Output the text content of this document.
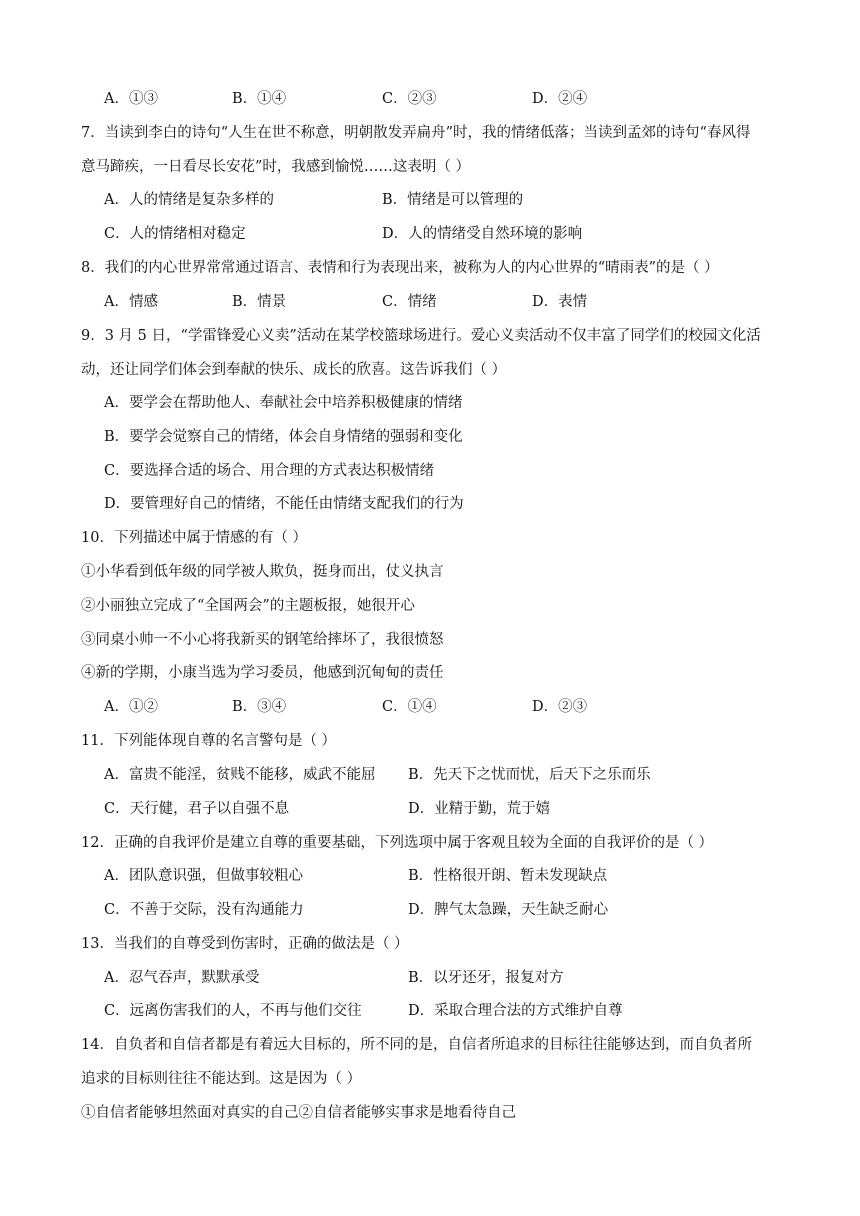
A．①③	B．①④	C．②③	D．②④
7．当读到李白的诗句“人生在世不称意，明朝散发弄扁舟”时，我的情绪低落；当读到孟郊的诗句“春风得
意马蹄疾，一日看尽长安花”时，我感到愉悦……这表明（ ）
A．人的情绪是复杂多样的	B．情绪是可以管理的
C．人的情绪相对稳定	D．人的情绪受自然环境的影响
8．我们的内心世界常常通过语言、表情和行为表现出来，被称为人的内心世界的“晴雨表”的是（ ）
A．情感	B．情景	C．情绪	D．表情
9．3 月 5 日，“学雷锋爱心义卖”活动在某学校篮球场进行。爱心义卖活动不仅丰富了同学们的校园文化活
动，还让同学们体会到奉献的快乐、成长的欣喜。这告诉我们（ ）
A．要学会在帮助他人、奉献社会中培养积极健康的情绪
B．要学会觉察自己的情绪，体会自身情绪的强弱和变化
C．要选择合适的场合、用合理的方式表达积极情绪
D．要管理好自己的情绪，不能任由情绪支配我们的行为
10．下列描述中属于情感的有（ ）
①小华看到低年级的同学被人欺负，挺身而出，仗义执言
②小丽独立完成了“全国两会”的主题板报，她很开心
③同桌小帅一不小心将我新买的钢笔给摔坏了，我很愤怒
④新的学期，小康当选为学习委员，他感到沉甸甸的责任
A．①②	B．③④	C．①④	D．②③
11．下列能体现自尊的名言警句是（ ）
A．富贵不能淫，贫贱不能移，威武不能屈 B．先天下之忧而忧，后天下之乐而乐
C．天行健，君子以自强不息	D．业精于勤，荒于嬉
12．正确的自我评价是建立自尊的重要基础，下列选项中属于客观且较为全面的自我评价的是（ ）
A．团队意识强，但做事较粗心	B．性格很开朗、暂未发现缺点
C．不善于交际，没有沟通能力	D．脾气太急躁，天生缺乏耐心
13．当我们的自尊受到伤害时，正确的做法是（ ）
A．忍气吞声，默默承受	B．以牙还牙，报复对方
C．远离伤害我们的人，不再与他们交往	D．采取合理合法的方式维护自尊
14．自负者和自信者都是有着远大目标的，所不同的是，自信者所追求的目标往往能够达到，而自负者所
追求的目标则往往不能达到。这是因为（ ）
①自信者能够坦然面对真实的自己②自信者能够实事求是地看待自己
